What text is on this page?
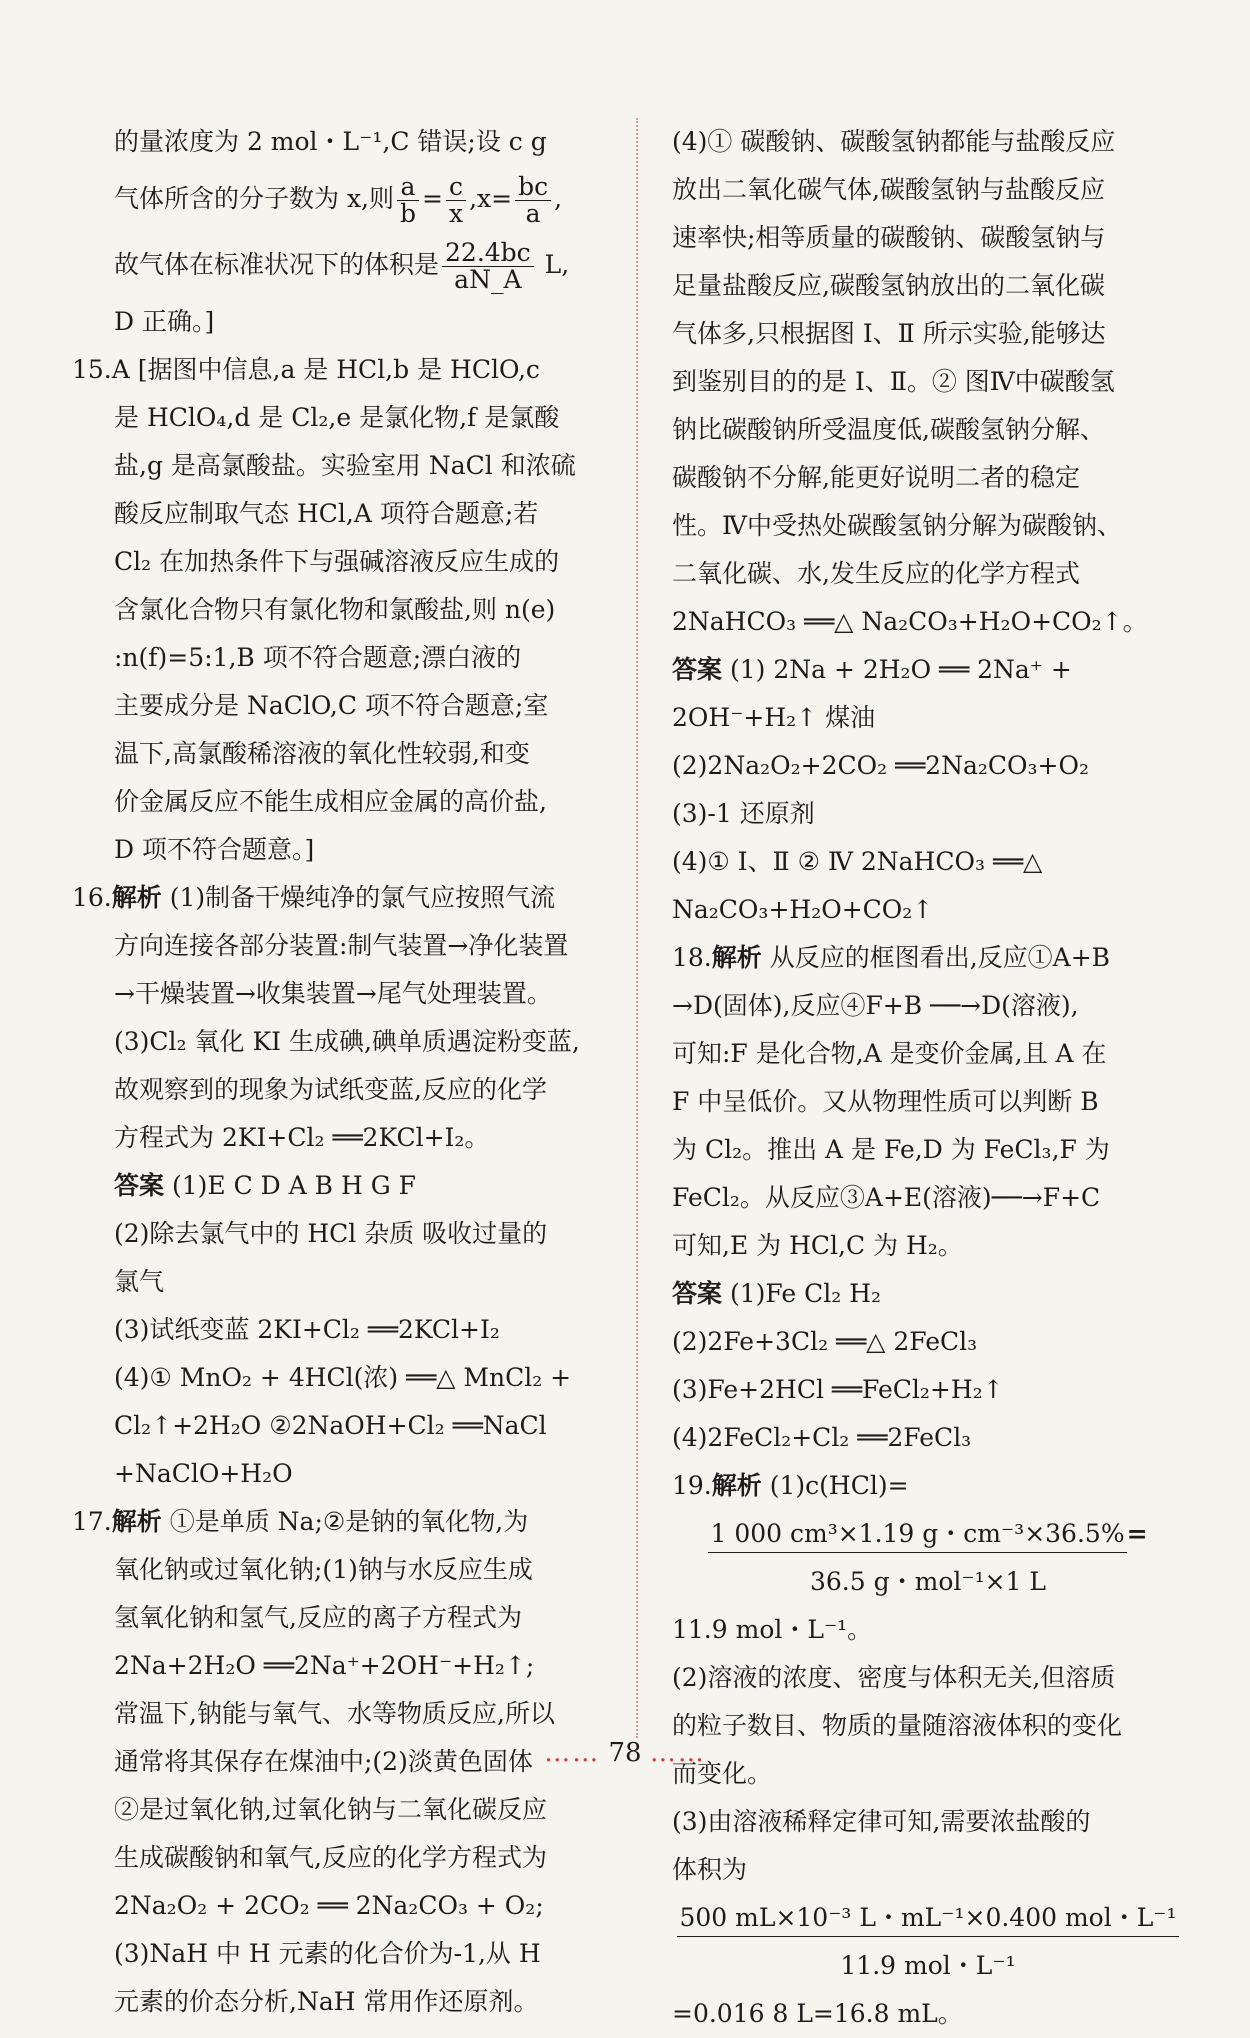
的量浓度为 2 mol・L⁻¹,C 错误;设 c g
气体所含的分子数为 x,则 $\frac{a}{b} = \frac{c}{x} ,x= \frac{bc}{a}$ ,
故气体在标准状况下的体积是 $\frac{22.4bc}{aN\_A} L$,
D 正确。]
15.A [据图中信息,a 是 HCl,b 是 HClO,c
是 HClO₄,d 是 Cl₂,e 是氯化物,f 是氯酸
盐,g 是高氯酸盐。实验室用 NaCl 和浓硫
酸反应制取气态 HCl,A 项符合题意;若
Cl₂ 在加热条件下与强碱溶液反应生成的
含氯化合物只有氯化物和氯酸盐,则 n(e)
:n(f)=5:1,B 项不符合题意;漂白液的
主要成分是 NaClO,C 项不符合题意;室
温下,高氯酸稀溶液的氧化性较弱,和变
价金属反应不能生成相应金属的高价盐,
D 项不符合题意。]
16.解析 (1)制备干燥纯净的氯气应按照气流
方向连接各部分装置:制气装置→净化装置
→干燥装置→收集装置→尾气处理装置。
(3)Cl₂ 氧化 KI 生成碘,碘单质遇淀粉变蓝,
故观察到的现象为试纸变蓝,反应的化学
方程式为 2KI+Cl₂ ══2KCl+I₂。
答案 (1)E C D A B H G F
(2)除去氯气中的 HCl 杂质 吸收过量的
氯气
(3)试纸变蓝 2KI+Cl₂ ══2KCl+I₂
(4)① MnO₂ + 4HCl(浓) ══△ MnCl₂ +
Cl₂↑+2H₂O ②2NaOH+Cl₂ ══NaCl
+NaClO+H₂O
17.解析 ①是单质 Na;②是钠的氧化物,为
氧化钠或过氧化钠;(1)钠与水反应生成
氢氧化钠和氢气,反应的离子方程式为
2Na+2H₂O ══2Na⁺+2OH⁻+H₂↑;
常温下,钠能与氧气、水等物质反应,所以
通常将其保存在煤油中;(2)淡黄色固体
②是过氧化钠,过氧化钠与二氧化碳反应
生成碳酸钠和氧气,反应的化学方程式为
2Na₂O₂ + 2CO₂ ══ 2Na₂CO₃ + O₂;
(3)NaH 中 H 元素的化合价为-1,从 H
元素的价态分析,NaH 常用作还原剂。
(4)① 碳酸钠、碳酸氢钠都能与盐酸反应
放出二氧化碳气体,碳酸氢钠与盐酸反应
速率快;相等质量的碳酸钠、碳酸氢钠与
足量盐酸反应,碳酸氢钠放出的二氧化碳
气体多,只根据图 Ⅰ、Ⅱ 所示实验,能够达
到鉴别目的的是 Ⅰ、Ⅱ。② 图Ⅳ中碳酸氢
钠比碳酸钠所受温度低,碳酸氢钠分解、
碳酸钠不分解,能更好说明二者的稳定
性。Ⅳ中受热处碳酸氢钠分解为碳酸钠、
二氧化碳、水,发生反应的化学方程式
2NaHCO₃ ══△ Na₂CO₃+H₂O+CO₂↑。
答案 (1) 2Na + 2H₂O ══ 2Na⁺ +
2OH⁻+H₂↑ 煤油
(2)2Na₂O₂+2CO₂ ══2Na₂CO₃+O₂
(3)-1 还原剂
(4)① Ⅰ、Ⅱ ② Ⅳ 2NaHCO₃ ══△
Na₂CO₃+H₂O+CO₂↑
18.解析 从反应的框图看出,反应①A+B
→D(固体),反应④F+B ──→D(溶液),
可知:F 是化合物,A 是变价金属,且 A 在
F 中呈低价。又从物理性质可以判断 B
为 Cl₂。推出 A 是 Fe,D 为 FeCl₃,F 为
FeCl₂。从反应③A+E(溶液)──→F+C
可知,E 为 HCl,C 为 H₂。
答案 (1)Fe Cl₂ H₂
(2)2Fe+3Cl₂ ══△ 2FeCl₃
(3)Fe+2HCl ══FeCl₂+H₂↑
(4)2FeCl₂+Cl₂ ══2FeCl₃
19.解析 (1)c(HCl)=
1 000 cm³×1.19 g・cm⁻³×36.5%=
36.5 g・mol⁻¹×1 L
11.9 mol・L⁻¹。
(2)溶液的浓度、密度与体积无关,但溶质
的粒子数目、物质的量随溶液体积的变化
而变化。
(3)由溶液稀释定律可知,需要浓盐酸的
体积为
500 mL×10⁻³ L・mL⁻¹×0.400 mol・L⁻¹
11.9 mol・L⁻¹
=0.016 8 L=16.8 mL。
…… 78 ……
